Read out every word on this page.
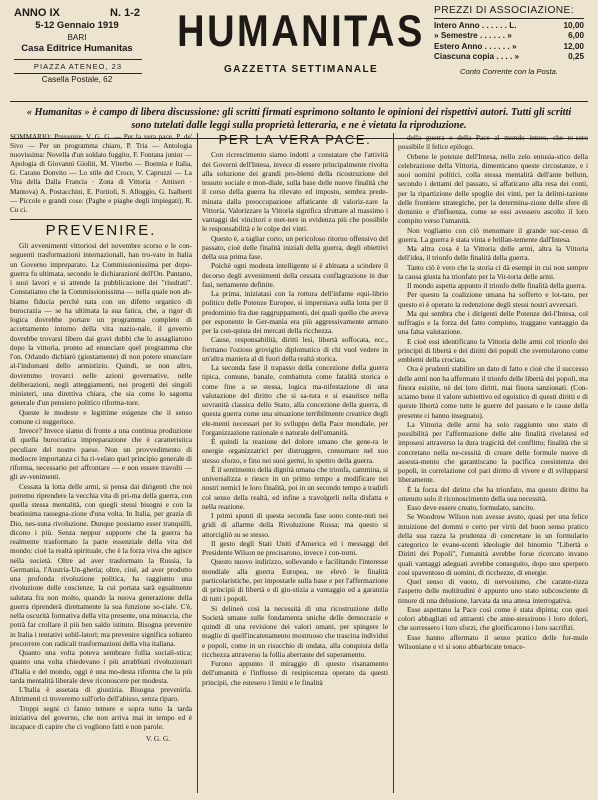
ANNO IX	N. 1-2
5-12 Gennaio 1919
BARI
Casa Editrice Humanitas
PIAZZA ATENEO, 23
Casella Postale, 62
HUMANITAS
GAZZETTA SETTIMANALE
PREZZI DI ASSOCIAZIONE:
Intero Anno . . . . . . L.	10,00
» Semestre . . . . . . »	6,00
Estero Anno . . . . . . »	12,00
Ciascuna copia . . . . »	0,25
Conto Corrente con la Posta.
« Humanitas » è campo di libera discussione: gli scritti firmati esprimono soltanto le opinioni dei rispettivi autori. Tutti gli scritti sono tutelati dalle leggi sulla proprietà letteraria, e ne è vietata la riproduzione.
SOMMARIO: Prevenire, V. G. G. — Per la vera pace, P. de' Sivo — Per un programma chiaro, P. Tria — Antologia nuovissima: Novella d'un soldato fuggito, F. Fontana junior — Apologia di Giovanni Gioliti, M. Viterbo — Boemia e Italia, G. Carano Donvito — Lo stile del Croce, V. Capruzzi — La Vita della Dalla Francia · Zona di Vittoria · Antiseri · Mantova) A. Postacchini, E. Portioli, S. Alloggio, G. Isalberti — Piccole e grandi cose: (Paghe e piaghe degli impiegati), R. Cu ci.
PREVENIRE.

Gli avvenimenti vittoriosi del novembre scorso e le con-seguenti trasformazioni internazionali, han tro-vato in Italia un Governo impreparato. La Commissionissima per dopo-guerra fu ultimata, secondo le dichiarazioni dell'On. Pantano, i suoi lavori e si attende la pubblicazione dei "risultati". Constatiamo che la Commissionissima — nella quale non ab-biamo fiducia perchè nata con un difetto organico di burocrazia — se ha ultimata la sua fatica, che, a rigor di logica dovrebbe portare un programma completo di accettamento intorno della vita nazio-nale, il governo dovrebbe trovarsi libero dai gravi dubbi che lo assagliarono dopo la vittoria, pronto ad enunciare quel programma che l'on. Orlando dichiarò (giustamente) di non potere enunciare al-l'indomani dello armistizio. Quindi, se non altro, dovremmo trovarci nelle azioni governative, nelle deliberazioni, negli atteggiamenti, nei progetti dei singoli ministeri, una direttiva chiara, che sia come lo sagoma generale d'un pensiero politico riforma-tore.

Queste le modeste e legittime esigenze che il senso comune ci suggerisce.

Invece? Invece siamo di fronte a una continua produzione di quella burocratica impreparazione che è caratteristica peculiare del nostro paese. Non un provvedimento di mediocre importanza ci ha ri-velato quel principio generale di riforma, necessario per affrontare — e non essere travolti — gli av-venimenti.

Cessata la lotta delle armi, si pensa dai dirigenti che noi potremo riprendere la vecchia vita di pri-ma della guerra, con quella stessa mentalità, con quegli stessi bisogni e con la beatissima rassegna-zione d'una volta. In Italia, per grazia di Dio, nes-suna rivoluzione. Dunque possiamo esser tranquilli, dicono i più. Senza neppur supporre che la guerra ha realmente trasformato la parte essenziale della vita del mondo: cioè la realtà spirituale, che è la forza viva che agisce nella società. Oltre ad aver trasformato la Russia, la Germania, l'Austria-Un-gheria; oltre, cioè, ad aver prodotto una profonda rivoluzione politica, ha raggiunto una rivoluzione delle coscienze, la cui portata sarà egualmente salutata fra non molto, quando la nuova generazione della guerra riprenderà direttamente la sua funzione so-ciale. C'è, nella oscurità formativa della vita presente, una minaccia, che potrà far crollare il più ben saldo istituto. Bisogna prevenire in Italia i tentativi sobil-latori; ma prevenire significa soltanto precorrere con radicali trasformazioni della vita italiana.

Quanto una volta poteva sembrare follia sociali-stica; quanto una volta chiedevano i più arrabbiati rivoluzionari d'Italia e del mondo, oggi è una mo-desta riforma che la più tarda mentalità liberale deve riconoscere per modesta.

L'Italia è assetata di giustizia. Bisogna prevenirla. Altrimenti ci troveremo sull'orlo dell'abisso, senza riparo.

Troppi segni ci fanno temere e sopra tutto la tarda iniziativa del governo, che non arriva mai in tempo ed è incapace di capire che ci vogliono fatti e non parole.

V. G. G.
PER LA VERA PACE.

Con ricrescimento siamo indotti a constatare che l'attività dei Governi dell'Intesa, invece di essere principalmente rivolta alla soluzione dei grandi pro-blemi della ricostruzione del tessuto sociale e mon-diale, sulla base delle nuove finalità che il corso della guerra ha rilevato ed imposto, sembra prede-minata dalla preoccupazione affaticante di valoriz-zare la Vittoria. Valorizzare la Vittoria significa sfruttare al massimo i vantaggi dei vincitori e met-tere in evidenza più che possibile le responsabilità e le colpe dei vinti.

Questo è, a tagliar corto, un pericoloso ritorno offensivo del passato, cioè delle finalità iniziali della guerra, degli obiettivi della sua prima fase.

Poichè ogni modesta intelligente si è abituata a scindere il decorso degli avvenimenti della cessata conflagrazione in due fasi, nettamente definite.

La prima, iniziatasi con la rottura dell'infame equi-librio politico delle Potenze Europee, si imperniava sulla lotta per il predominio fra due raggruppamenti, dei quali quello che aveva per esponente le Ger-mania era più aggressivamente armato per la con-quista dei mercati della ricchezza.

Cause, responsabilità, diritti lesi, libertà soffocata, ecc., formano l'ozioso groviglio diplomatico di chi vuol vedere in un'altra maniera al di fuori della realtà storica.

La seconda fase il trapasso della concezione della guerra tipica, comune, banale, combattuta come fatalità storica e come fine a se stessa, logica ma-nifestazione di una valutazione del diritto che si sa-tura e si esaurisce nella sovranità classica dello Stato, alla concezione della guerra, di questa guerra come una situazione terribilmente creatrice degli ele-menti necessari per lo sviluppo della Pace mondiale, per l'organizzazione razionale e naturale dell'umanità.

È quindi la reazione del dolore umano che gene-ra le energie organizzatrici per distruggere, consumare nel suo stesso sforzo, e fino nei suoi germi, lo spettro della guerra.

È il sentimento della dignità umana che trionfa, camminа, si universalizza e riesce in un primo tempo a modificare nei nostri nemici le loro finalità, poi in un secondo tempo a tradirli col senso della realtà, ed infine a travolgerli nella disfatta e nella reazione.

I primi spunti di questa seconda fase sono conte-nuti nei gridi di allarme della Rivoluzione Russa; ma questo si attorcigliò su se stesso.

Il gesto degli Stati Uniti d'America ed i messaggi del Presidente Wilson ne precisarono, invece i con-torni.

Questo nuovo indirizzo, sollevando e facilitando l'interesse mondiale alla guerra Europea, ne elevò le finalità particolaristiche, per impostarle sulla base e per l'affermazione di principii di libertà e di giu-stizia a vantaggio ed a garanzia di tutti i popoli.

Si delineò così la necessità di una ricostruzione delle Società umane sulle fondamenta uniche delle democrazie e quindi di una revisione dei valori umani, per spingere le maglie di quell'incatenamento mostruoso che trascina individui e popoli, come in un risucchio di ondata, alla conquista della ricchezza attraverso la follia aberrante del superamento.

Furono appunto il miraggio di questo risanamento dell'umanità e l'influsso di resipiscenza operato da questi principii, che estesero i limiti e le finalità

della guerra e della Pace al mondo intero, che re-sero possibile il felice epilogo.

Orbene le potenze dell'Intesa, nello zelo entusia-stico della celebrazione della Vittoria, dimenticano queste circostanze, e i suoi uomini politici, colla stessa mentalità dell'ante bellum, secondo i dettami del passato, si affaticano alla resa dei conti, per la ripartizione delle spoglie dei vinti, per la delimi-tazione delle frontiere strategiche, per la determina-zione delle sfere di dominio e d'influenza, come se essi avessero ascolto il loro compito verso l'umanità.

Non vogliamo con ciò menomare il grande suc-cesso di guerra. La guerra è stata vinta e brillan-temente dall'Intesa.

Ma altra cosa è la Vittoria delle armi, altra la Vittoria dell'idea, il trionfo delle finalità della guerra.

Tanto ciò è vero che la storia ci dà esempi in cui non sempre la causa giusta ha trionfato per la Vit-toria delle armi.

Il mondo aspetta appunto il trionfo delle finalità della guerra.

Per questo la coalizione umana ha sofferto e lot-tato, per questo ei è operato la redenzione degli stessi nostri avversari.

Ma qui sembra che i dirigenti delle Potenze del-l'Intesa, col suffragio e la forza del fatto compiuto, traggano vantaggio da una falsa valutazione.

E cioè essi identificano la Vittoria delle armi col trionfo dei principii di libertà e dei diritti dei popoli che sventolarono come emblemi della crociata.

Ora è prudenti stabilire un dato di fatto e cioè che il successo delle armi non ha affermato il trionfo delle libertà dei popoli, ma finora esistite, nè dei loro diritti, mai finora sanzionati. (Con-sciamo bene il valore subiettivo ed egoistico di questi diritti e di queste libertà come tutte le guerre del passato e le cause della presente ci hanno insegnato).

La Vittoria delle armi ha solo raggiunto uno stato di possibilità per l'affermazione delle alte finalità rivelatesi ed imposesi attraverso la dura tragicità del conflitto; finalità che si concretano nella ne-cessità di creare delle formule nuove di assesta-mento che garantiscano la pacifica coesistenza dei popoli, in correlazione col pari diritto di vivere e di svilupparsi liberamente.

È la forza del diritto che ha trionfato, ma questo diritto ha ottenuto solo il riconoscimento della sua necessità.

Esso deve essere creato, formulato, sancito.

Se Woodrow Wilson non avesse avuto, quasi per una felice intuizione del dommi e certo per virtù del buon senso pratico della sua razza la prudenza di concretare in un formulario categorico le evane-scenti ideologie del binomio "Libertà e Diritti dei Popoli", l'umanità avrebbe forse ricercato invano quali vantaggi adeguati avrebbe conseguito, dopo uno sperpero così spaventoso di uomini, di ricchezze, di energie.

Quel senso di vuoto, di nervosismo, che caratte-rizza l'aspetto delle moltitudini è appunto uno stato subcosciente di timore di una delusione, larvata da una attesa interrogativa.

Esse aspettano la Pace così come è stata dipinta; con quei colori abbagliati ed attraenti che anne-stessirono i loro dolori, che sorressero i loro sforzi, che glorificarono i loro sacrifizi.

Esse hanno affermato il senso pratico delle for-mule Wilsoniane e vi si sono abbarbicate tenace-
